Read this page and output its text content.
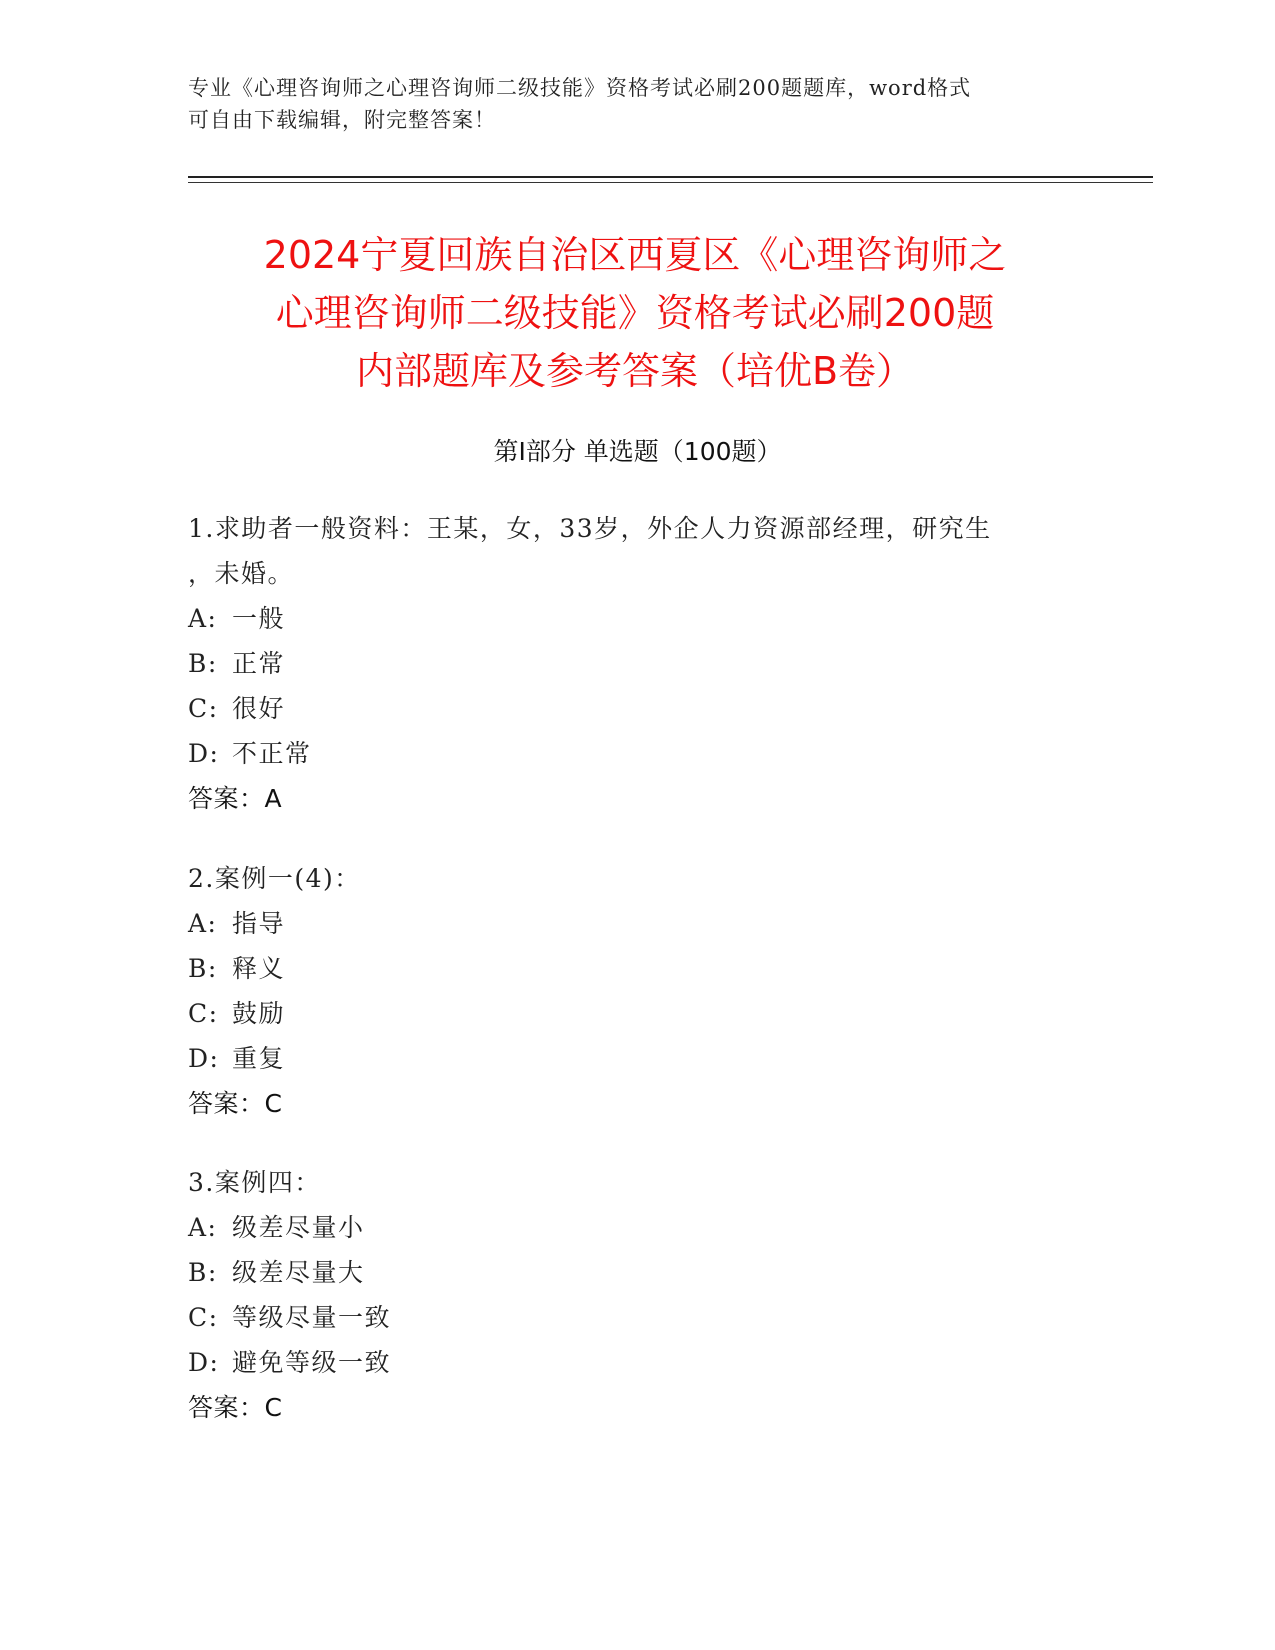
专业《心理咨询师之心理咨询师二级技能》资格考试必刷200题题库，word格式
可自由下载编辑，附完整答案！
2024宁夏回族自治区西夏区《心理咨询师之
心理咨询师二级技能》资格考试必刷200题
内部题库及参考答案（培优B卷）
第Ⅰ部分 单选题（100题）

1.求助者一般资料：王某，女，33岁，外企人力资源部经理，研究生

，未婚。

A: 一般

B: 正常

C: 很好

D: 不正常

答案：A

2.案例一(4)：

A: 指导

B: 释义

C: 鼓励

D: 重复

答案：C

3.案例四：

A: 级差尽量小

B: 级差尽量大

C: 等级尽量一致

D: 避免等级一致

答案：C
